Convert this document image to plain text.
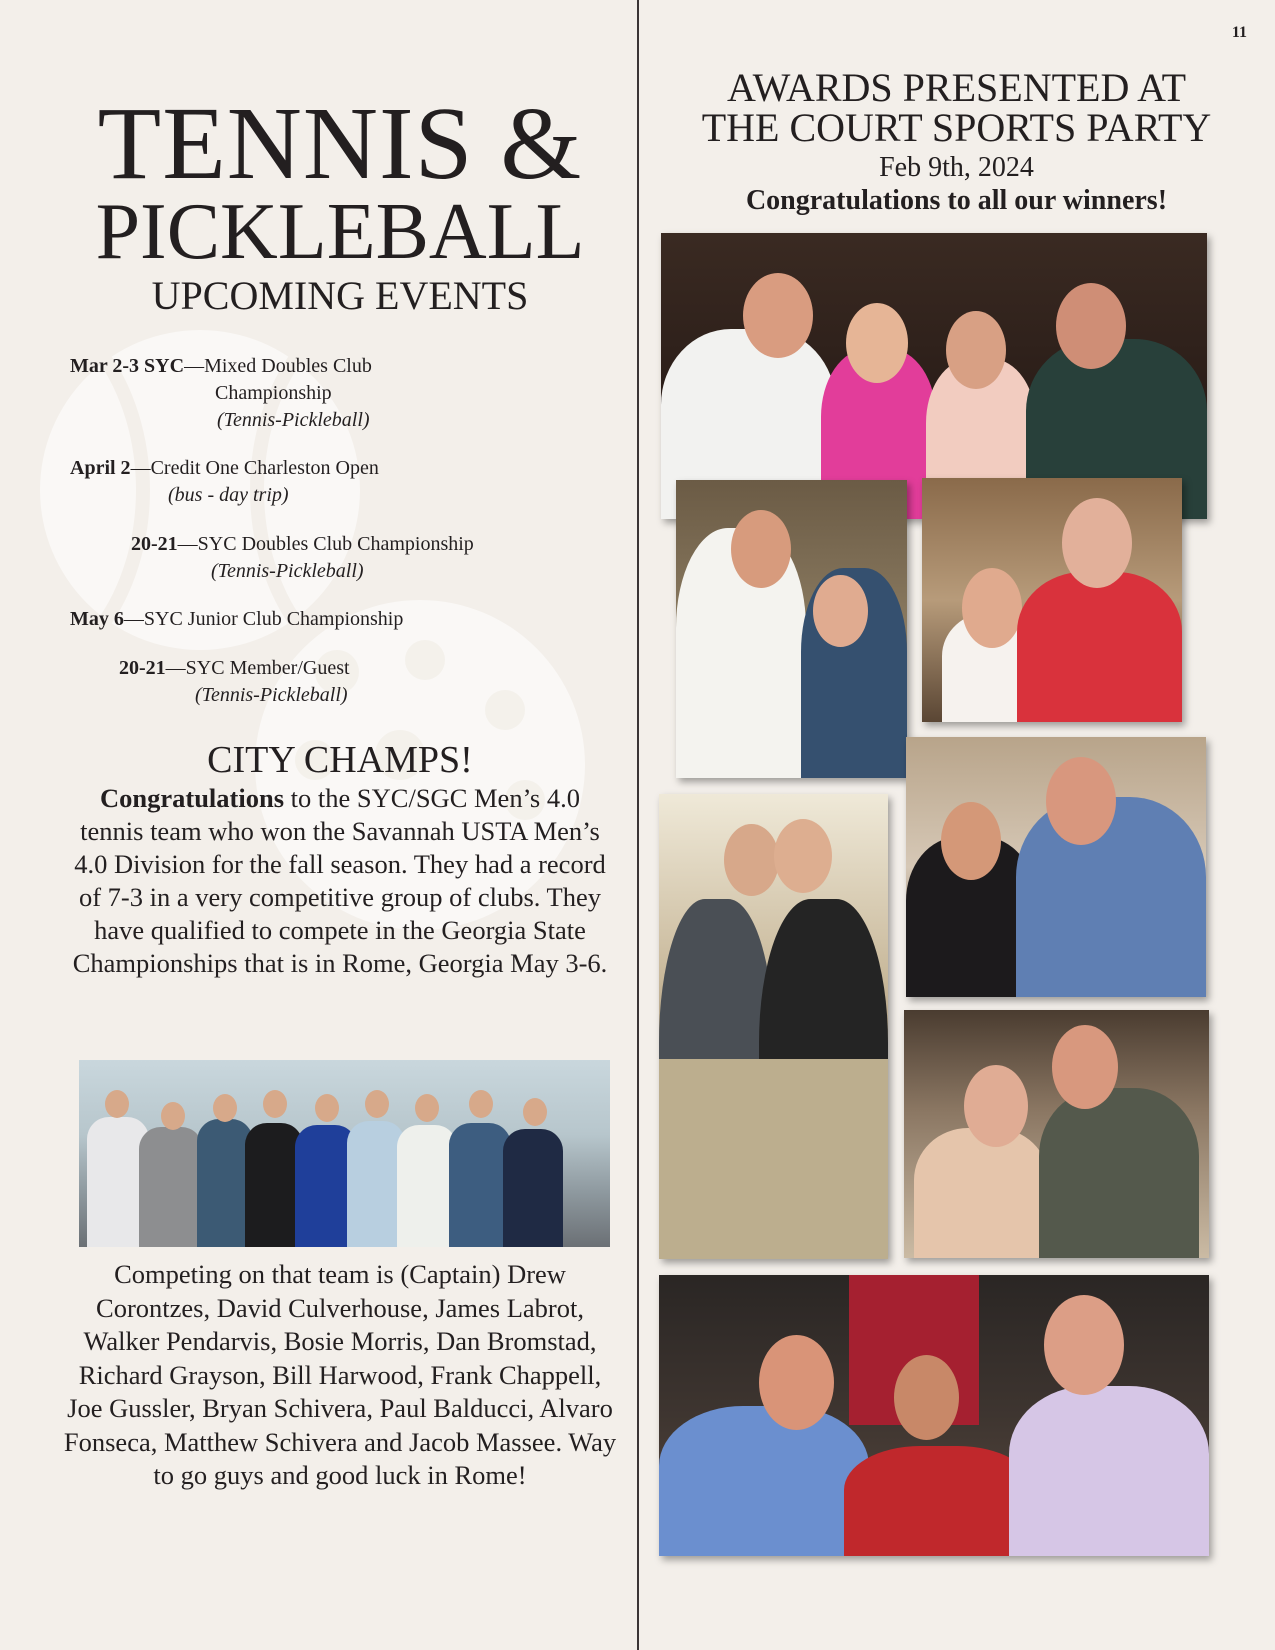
11
TENNIS &
PICKLEBALL
UPCOMING EVENTS
Mar 2-3 SYC—Mixed Doubles Club
Championship
(Tennis-Pickleball)
April 2—Credit One Charleston Open
(bus - day trip)
20-21—SYC Doubles Club Championship
(Tennis-Pickleball)
May 6—SYC Junior Club Championship
20-21—SYC Member/Guest
(Tennis-Pickleball)
CITY CHAMPS!
Congratulations to the SYC/SGC Men’s 4.0 tennis team who won the Savannah USTA Men’s 4.0 Division for the fall season. They had a record of 7-3 in a very competitive group of clubs. They have qualified to compete in the Georgia State Championships that is in Rome, Georgia May 3-6.
Competing on that team is (Captain) Drew Corontzes, David Culverhouse, James Labrot, Walker Pendarvis, Bosie Morris, Dan Bromstad, Richard Grayson, Bill Harwood, Frank Chappell, Joe Gussler, Bryan Schivera, Paul Balducci, Alvaro Fonseca, Matthew Schivera and Jacob Massee. Way to go guys and good luck in Rome!
AWARDS PRESENTED AT
THE COURT SPORTS PARTY
Feb 9th, 2024
Congratulations to all our winners!
